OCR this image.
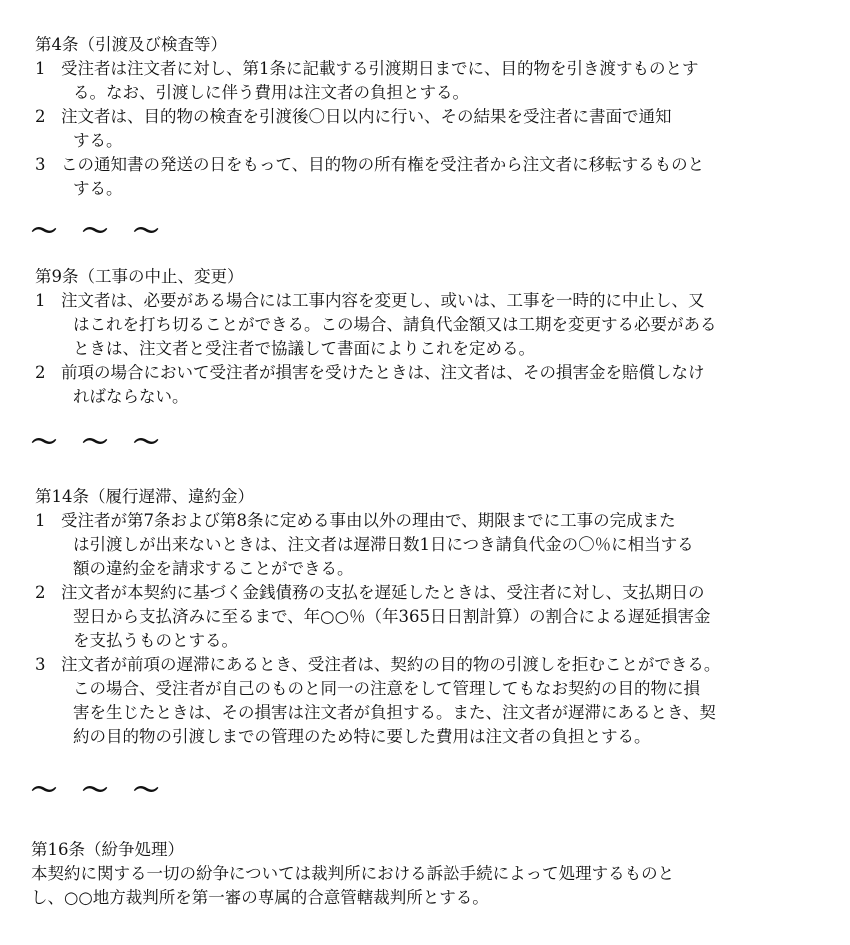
第4条（引渡及び検査等）
1 受注者は注文者に対し、第1条に記載する引渡期日までに、目的物を引き渡すものとす
る。なお、引渡しに伴う費用は注文者の負担とする。
2 注文者は、目的物の検査を引渡後〇日以内に行い、その結果を受注者に書面で通知
する。
3 この通知書の発送の日をもって、目的物の所有権を受注者から注文者に移転するものと
する。
～ ～ ～
第9条（工事の中止、変更）
1 注文者は、必要がある場合には工事内容を変更し、或いは、工事を一時的に中止し、又
はこれを打ち切ることができる。この場合、請負代金額又は工期を変更する必要がある
ときは、注文者と受注者で協議して書面によりこれを定める。
2 前項の場合において受注者が損害を受けたときは、注文者は、その損害金を賠償しなけ
ればならない。
～ ～ ～
第14条（履行遅滞、違約金）
1 受注者が第7条および第8条に定める事由以外の理由で、期限までに工事の完成また
は引渡しが出来ないときは、注文者は遅滞日数1日につき請負代金の〇％に相当する
額の違約金を請求することができる。
2 注文者が本契約に基づく金銭債務の支払を遅延したときは、受注者に対し、支払期日の
翌日から支払済みに至るまで、年○○％（年365日日割計算）の割合による遅延損害金
を支払うものとする。
3 注文者が前項の遅滞にあるとき、受注者は、契約の目的物の引渡しを拒むことができる。
この場合、受注者が自己のものと同一の注意をして管理してもなお契約の目的物に損
害を生じたときは、その損害は注文者が負担する。また、注文者が遅滞にあるとき、契
約の目的物の引渡しまでの管理のため特に要した費用は注文者の負担とする。
～ ～ ～
第16条（紛争処理）
本契約に関する一切の紛争については裁判所における訴訟手続によって処理するものと
し、○○地方裁判所を第一審の専属的合意管轄裁判所とする。
